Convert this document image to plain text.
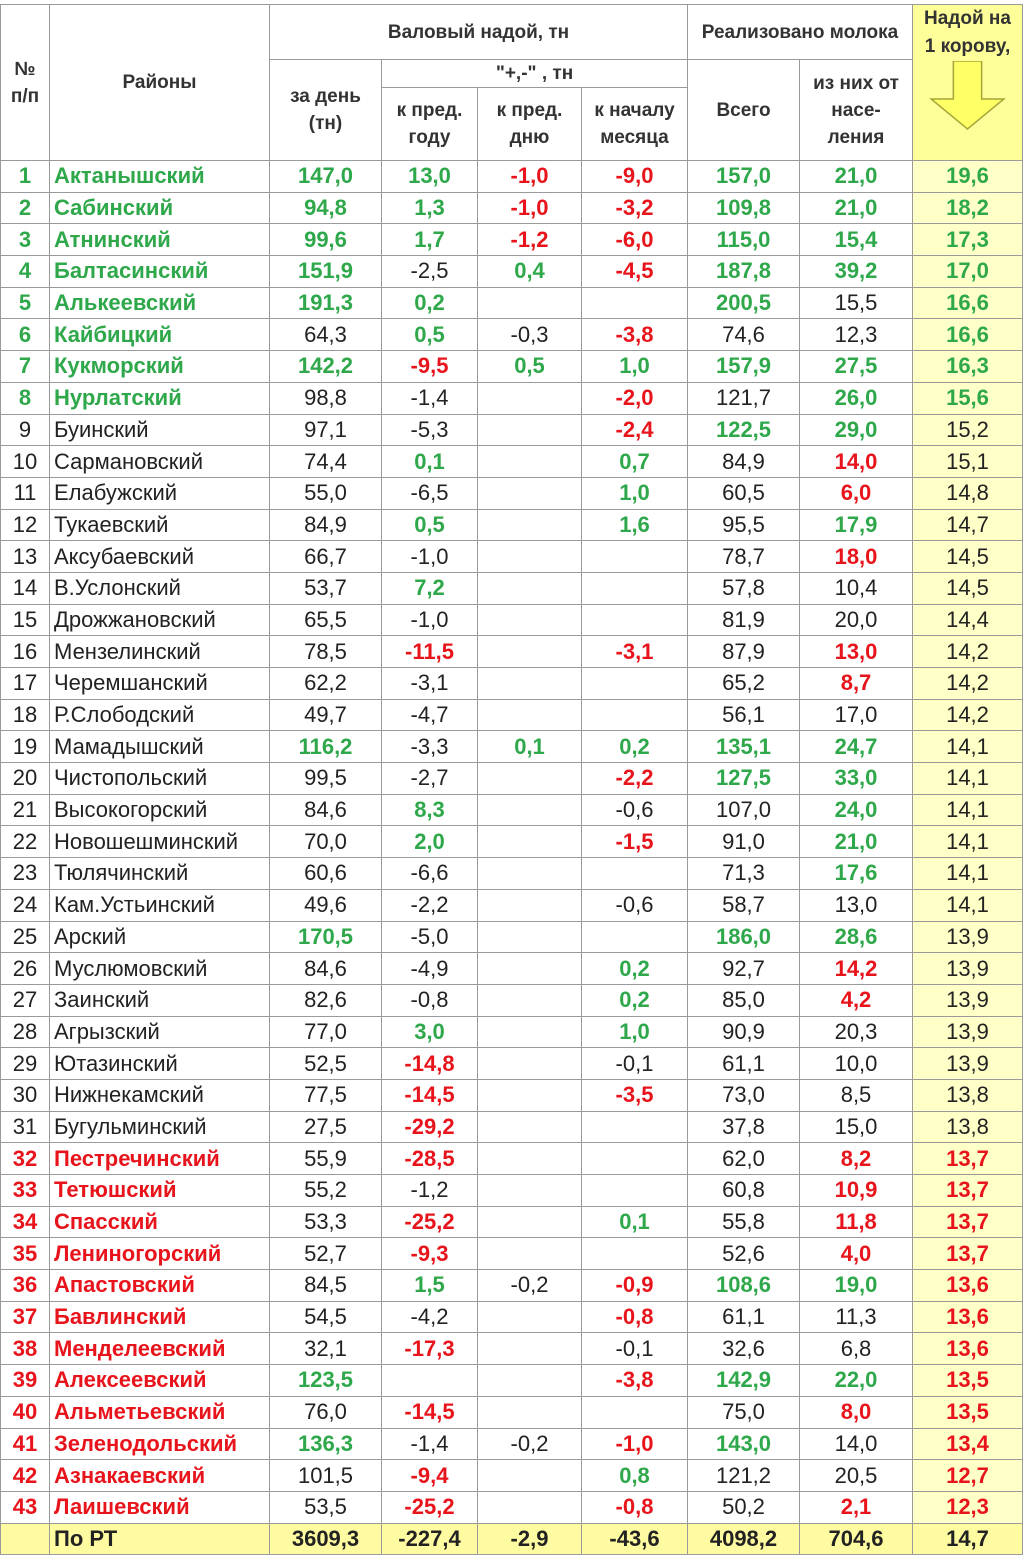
№ п/п	Районы	Валовый надой, тн				Реализовано молока		Надой на 1 корову,

		за день (тн)	"+,-" , тн			Всего	из них от насе-ления	
			к пред. году	к пред. дню	к началу месяца			
1	Актанышский	147,0	13,0	-1,0	-9,0	157,0	21,0	19,6
2	Сабинский	94,8	1,3	-1,0	-3,2	109,8	21,0	18,2
3	Атнинский	99,6	1,7	-1,2	-6,0	115,0	15,4	17,3
4	Балтасинский	151,9	-2,5	0,4	-4,5	187,8	39,2	17,0
5	Алькеевский	191,3	0,2			200,5	15,5	16,6
6	Кайбицкий	64,3	0,5	-0,3	-3,8	74,6	12,3	16,6
7	Кукморский	142,2	-9,5	0,5	1,0	157,9	27,5	16,3
8	Нурлатский	98,8	-1,4		-2,0	121,7	26,0	15,6
9	Буинский	97,1	-5,3		-2,4	122,5	29,0	15,2
10	Сармановский	74,4	0,1		0,7	84,9	14,0	15,1
11	Елабужский	55,0	-6,5		1,0	60,5	6,0	14,8
12	Тукаевский	84,9	0,5		1,6	95,5	17,9	14,7
13	Аксубаевский	66,7	-1,0			78,7	18,0	14,5
14	В.Услонский	53,7	7,2			57,8	10,4	14,5
15	Дрожжановский	65,5	-1,0			81,9	20,0	14,4
16	Мензелинский	78,5	-11,5		-3,1	87,9	13,0	14,2
17	Черемшанский	62,2	-3,1			65,2	8,7	14,2
18	Р.Слободский	49,7	-4,7			56,1	17,0	14,2
19	Мамадышский	116,2	-3,3	0,1	0,2	135,1	24,7	14,1
20	Чистопольский	99,5	-2,7		-2,2	127,5	33,0	14,1
21	Высокогорский	84,6	8,3		-0,6	107,0	24,0	14,1
22	Новошешминский	70,0	2,0		-1,5	91,0	21,0	14,1
23	Тюлячинский	60,6	-6,6			71,3	17,6	14,1
24	Кам.Устьинский	49,6	-2,2		-0,6	58,7	13,0	14,1
25	Арский	170,5	-5,0			186,0	28,6	13,9
26	Муслюмовский	84,6	-4,9		0,2	92,7	14,2	13,9
27	Заинский	82,6	-0,8		0,2	85,0	4,2	13,9
28	Агрызский	77,0	3,0		1,0	90,9	20,3	13,9
29	Ютазинский	52,5	-14,8		-0,1	61,1	10,0	13,9
30	Нижнекамский	77,5	-14,5		-3,5	73,0	8,5	13,8
31	Бугульминский	27,5	-29,2			37,8	15,0	13,8
32	Пестречинский	55,9	-28,5			62,0	8,2	13,7
33	Тетюшский	55,2	-1,2			60,8	10,9	13,7
34	Спасский	53,3	-25,2		0,1	55,8	11,8	13,7
35	Лениногорский	52,7	-9,3			52,6	4,0	13,7
36	Апастовский	84,5	1,5	-0,2	-0,9	108,6	19,0	13,6
37	Бавлинский	54,5	-4,2		-0,8	61,1	11,3	13,6
38	Менделеевский	32,1	-17,3		-0,1	32,6	6,8	13,6
39	Алексеевский	123,5			-3,8	142,9	22,0	13,5
40	Альметьевский	76,0	-14,5			75,0	8,0	13,5
41	Зеленодольский	136,3	-1,4	-0,2	-1,0	143,0	14,0	13,4
42	Азнакаевский	101,5	-9,4		0,8	121,2	20,5	12,7
43	Лаишевский	53,5	-25,2		-0,8	50,2	2,1	12,3
	По РТ	3609,3	-227,4	-2,9	-43,6	4098,2	704,6	14,7
